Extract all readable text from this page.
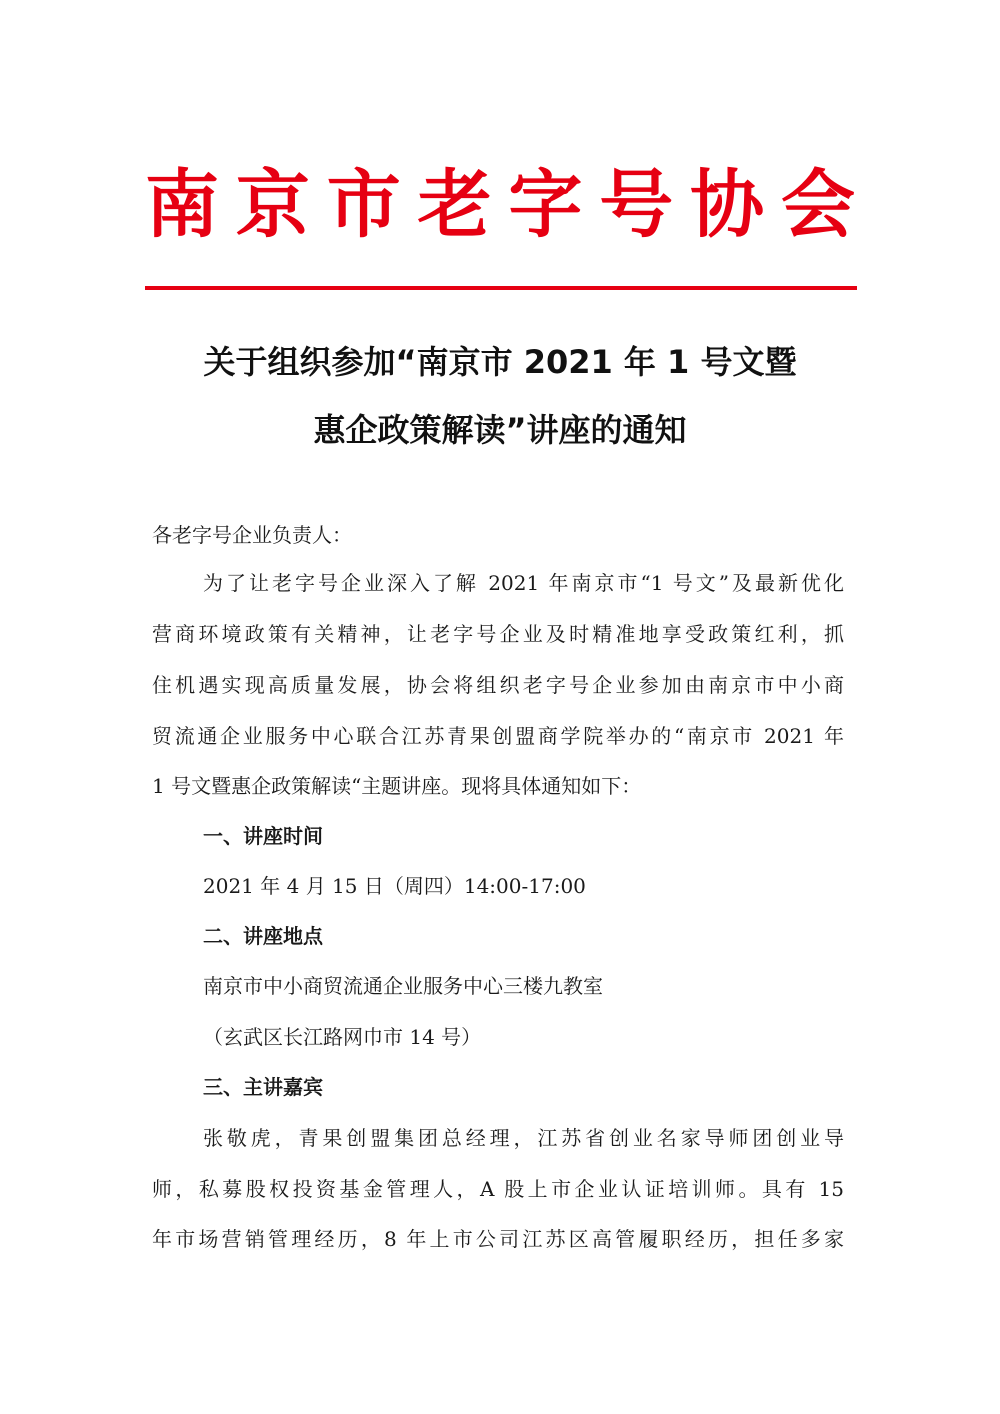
南京市老字号协会
关于组织参加“南京市 2021 年 1 号文暨
惠企政策解读”讲座的通知
各老字号企业负责人：
为了让老字号企业深入了解 2021 年南京市“1 号文”及最新优化
营商环境政策有关精神，让老字号企业及时精准地享受政策红利，抓
住机遇实现高质量发展，协会将组织老字号企业参加由南京市中小商
贸流通企业服务中心联合江苏青果创盟商学院举办的“南京市 2021 年
1 号文暨惠企政策解读“主题讲座。现将具体通知如下：
一、讲座时间
2021 年 4 月 15 日（周四）14:00-17:00
二、讲座地点
南京市中小商贸流通企业服务中心三楼九教室
（玄武区长江路网巾市 14 号）
三、主讲嘉宾
张敬虎，青果创盟集团总经理，江苏省创业名家导师团创业导
师，私募股权投资基金管理人，A 股上市企业认证培训师。具有 15
年市场营销管理经历，8 年上市公司江苏区高管履职经历，担任多家
